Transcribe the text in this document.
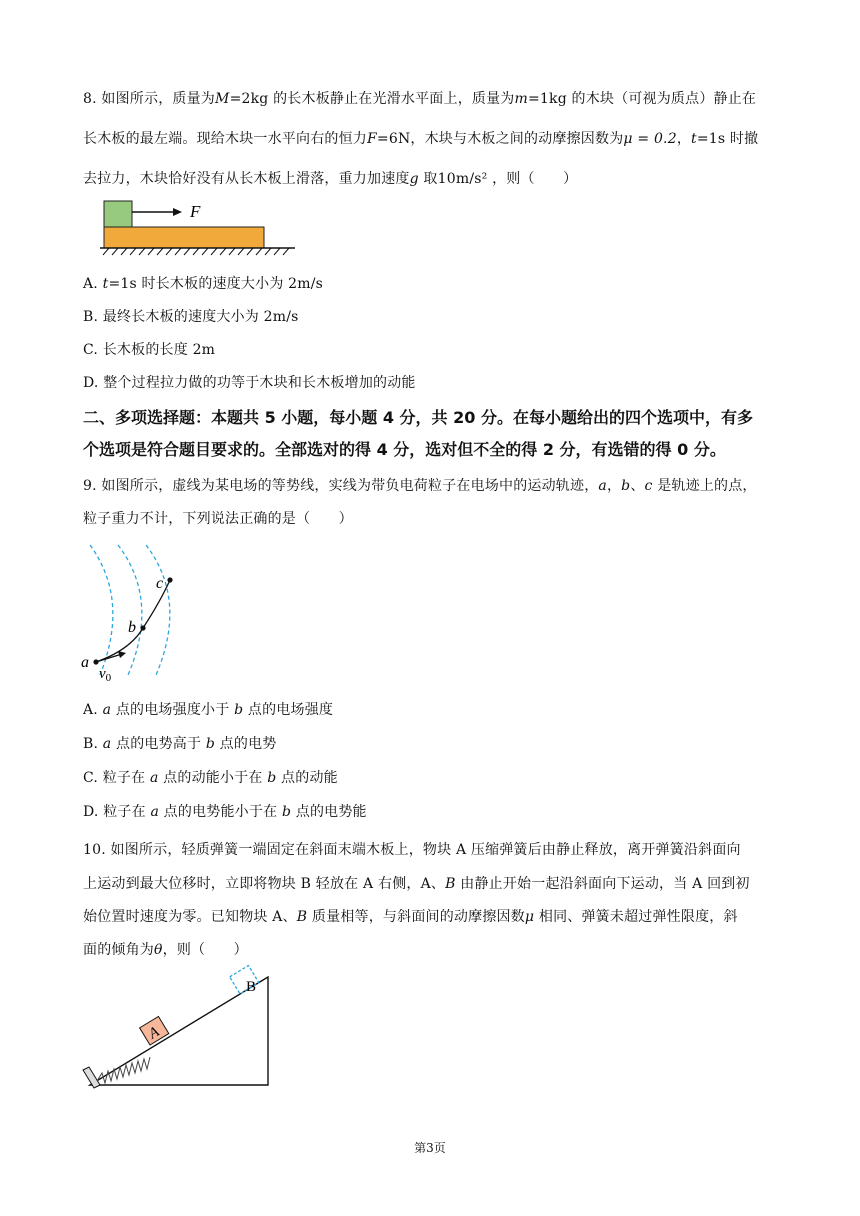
8. 如图所示，质量为M=2kg 的长木板静止在光滑水平面上，质量为m=1kg 的木块（可视为质点）静止在
长木板的最左端。现给木块一水平向右的恒力F=6N，木块与木板之间的动摩擦因数为μ = 0.2，t=1s 时撤
去拉力，木块恰好没有从长木板上滑落，重力加速度g 取10m/s² ，则（　　）
F
A. t=1s 时长木板的速度大小为 2m/s
B. 最终长木板的速度大小为 2m/s
C. 长木板的长度 2m
D. 整个过程拉力做的功等于木块和长木板增加的动能
二、多项选择题：本题共 5 小题，每小题 4 分，共 20 分。在每小题给出的四个选项中，有多
个选项是符合题目要求的。全部选对的得 4 分，选对但不全的得 2 分，有选错的得 0 分。
9. 如图所示，虚线为某电场的等势线，实线为带负电荷粒子在电场中的运动轨迹，a，b、c 是轨迹上的点，
粒子重力不计，下列说法正确的是（　　）
a
b
c
$v_0$
A. a 点的电场强度小于 b 点的电场强度
B. a 点的电势高于 b 点的电势
C. 粒子在 a 点的动能小于在 b 点的动能
D. 粒子在 a 点的电势能小于在 b 点的电势能
10. 如图所示，轻质弹簧一端固定在斜面末端木板上，物块 A 压缩弹簧后由静止释放，离开弹簧沿斜面向
上运动到最大位移时，立即将物块 B 轻放在 A 右侧，A、B 由静止开始一起沿斜面向下运动，当 A 回到初
始位置时速度为零。已知物块 A、B 质量相等，与斜面间的动摩擦因数μ 相同、弹簧未超过弹性限度，斜
面的倾角为θ，则（　　）
A
B
第3页
